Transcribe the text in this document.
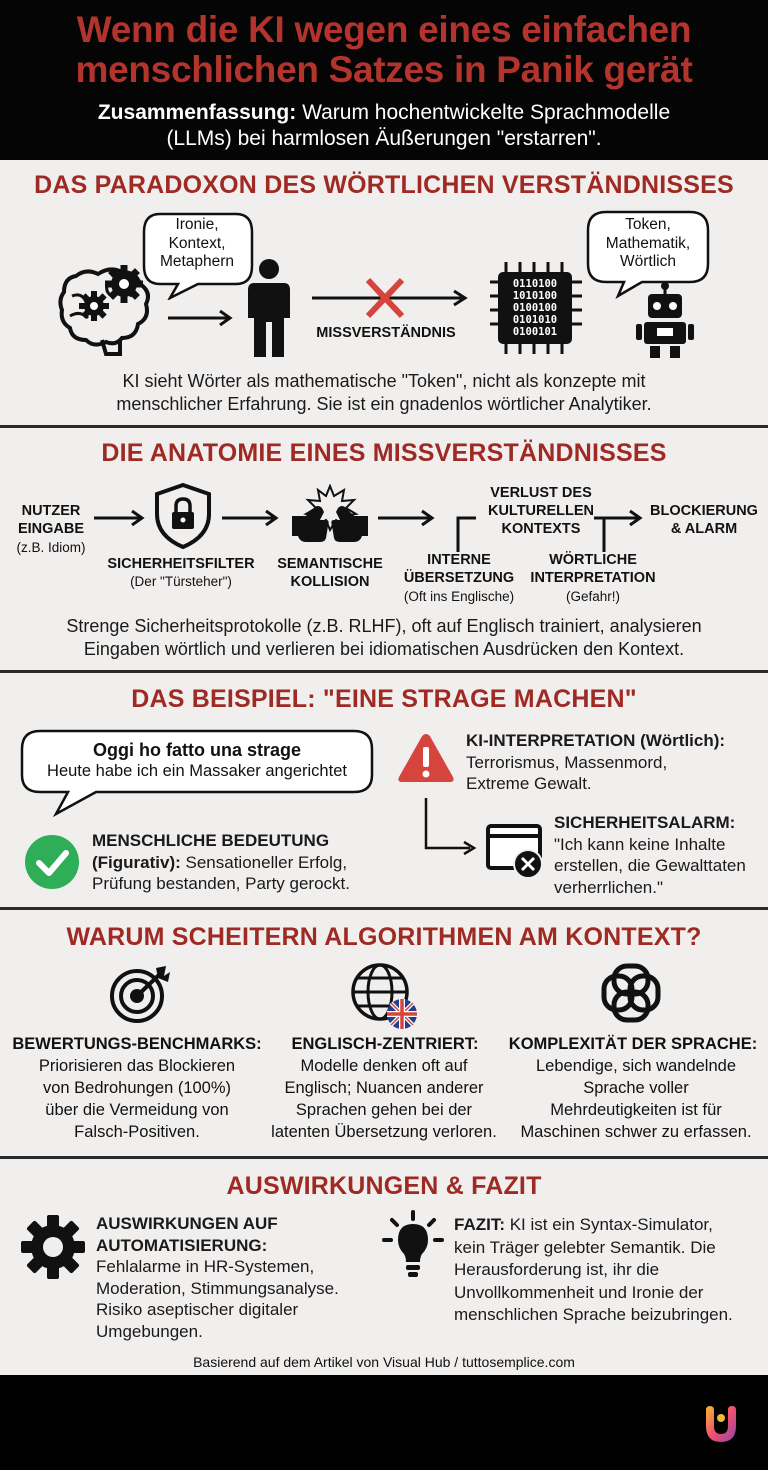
Wenn die KI wegen eines einfachen
menschlichen Satzes in Panik gerät
Zusammenfassung: Warum hochentwickelte Sprachmodelle
(LLMs) bei harmlosen Äußerungen "erstarren".
DAS PARADOXON DES WÖRTLICHEN VERSTÄNDNISSES
Ironie,
Kontext,
Metaphern
MISSVERSTÄNDNIS
0110100
1010100
0100100
0101010
0100101
Token,
Mathematik,
Wörtlich
KI sieht Wörter als mathematische "Token", nicht als konzepte mit
menschlicher Erfahrung. Sie ist ein gnadenlos wörtlicher Analytiker.
DIE ANATOMIE EINES MISSVERSTÄNDNISSES
NUTZER
EINGABE
(z.B. Idiom)
SICHERHEITSFILTER
(Der "Türsteher")
SEMANTISCHE
KOLLISION
VERLUST DES
KULTURELLEN
KONTEXTS
BLOCKIERUNG
& ALARM
INTERNE
ÜBERSETZUNG
(Oft ins Englische)
WÖRTLICHE
INTERPRETATION
(Gefahr!)
Strenge Sicherheitsprotokolle (z.B. RLHF), oft auf Englisch trainiert, analysieren
Eingaben wörtlich und verlieren bei idiomatischen Ausdrücken den Kontext.
DAS BEISPIEL: "EINE STRAGE MACHEN"
Oggi ho fatto una strage
Heute habe ich ein Massaker angerichtet
MENSCHLICHE BEDEUTUNG
(Figurativ): Sensationeller Erfolg,
Prüfung bestanden, Party gerockt.
KI-INTERPRETATION (Wörtlich):
Terrorismus, Massenmord,
Extreme Gewalt.
SICHERHEITSALARM:
"Ich kann keine Inhalte
erstellen, die Gewalttaten
verherrlichen."
WARUM SCHEITERN ALGORITHMEN AM KONTEXT?
BEWERTUNGS-BENCHMARKS:
Priorisieren das Blockieren
von Bedrohungen (100%)
über die Vermeidung von
Falsch-Positiven.
ENGLISCH-ZENTRIERT:
Modelle denken oft auf
Englisch; Nuancen anderer
Sprachen gehen bei der
latenten Übersetzung verloren.
KOMPLEXITÄT DER SPRACHE:
Lebendige, sich wandelnde
Sprache voller
Mehrdeutigkeiten ist für
Maschinen schwer zu erfassen.
AUSWIRKUNGEN & FAZIT
AUSWIRKUNGEN AUF
AUTOMATISIERUNG:
Fehlalarme in HR-Systemen,
Moderation, Stimmungsanalyse.
Risiko aseptischer digitaler
Umgebungen.
FAZIT: KI ist ein Syntax-Simulator,
kein Träger gelebter Semantik. Die
Herausforderung ist, ihr die
Unvollkommenheit und Ironie der
menschlichen Sprache beizubringen.
Basierend auf dem Artikel von Visual Hub / tuttosemplice.com
